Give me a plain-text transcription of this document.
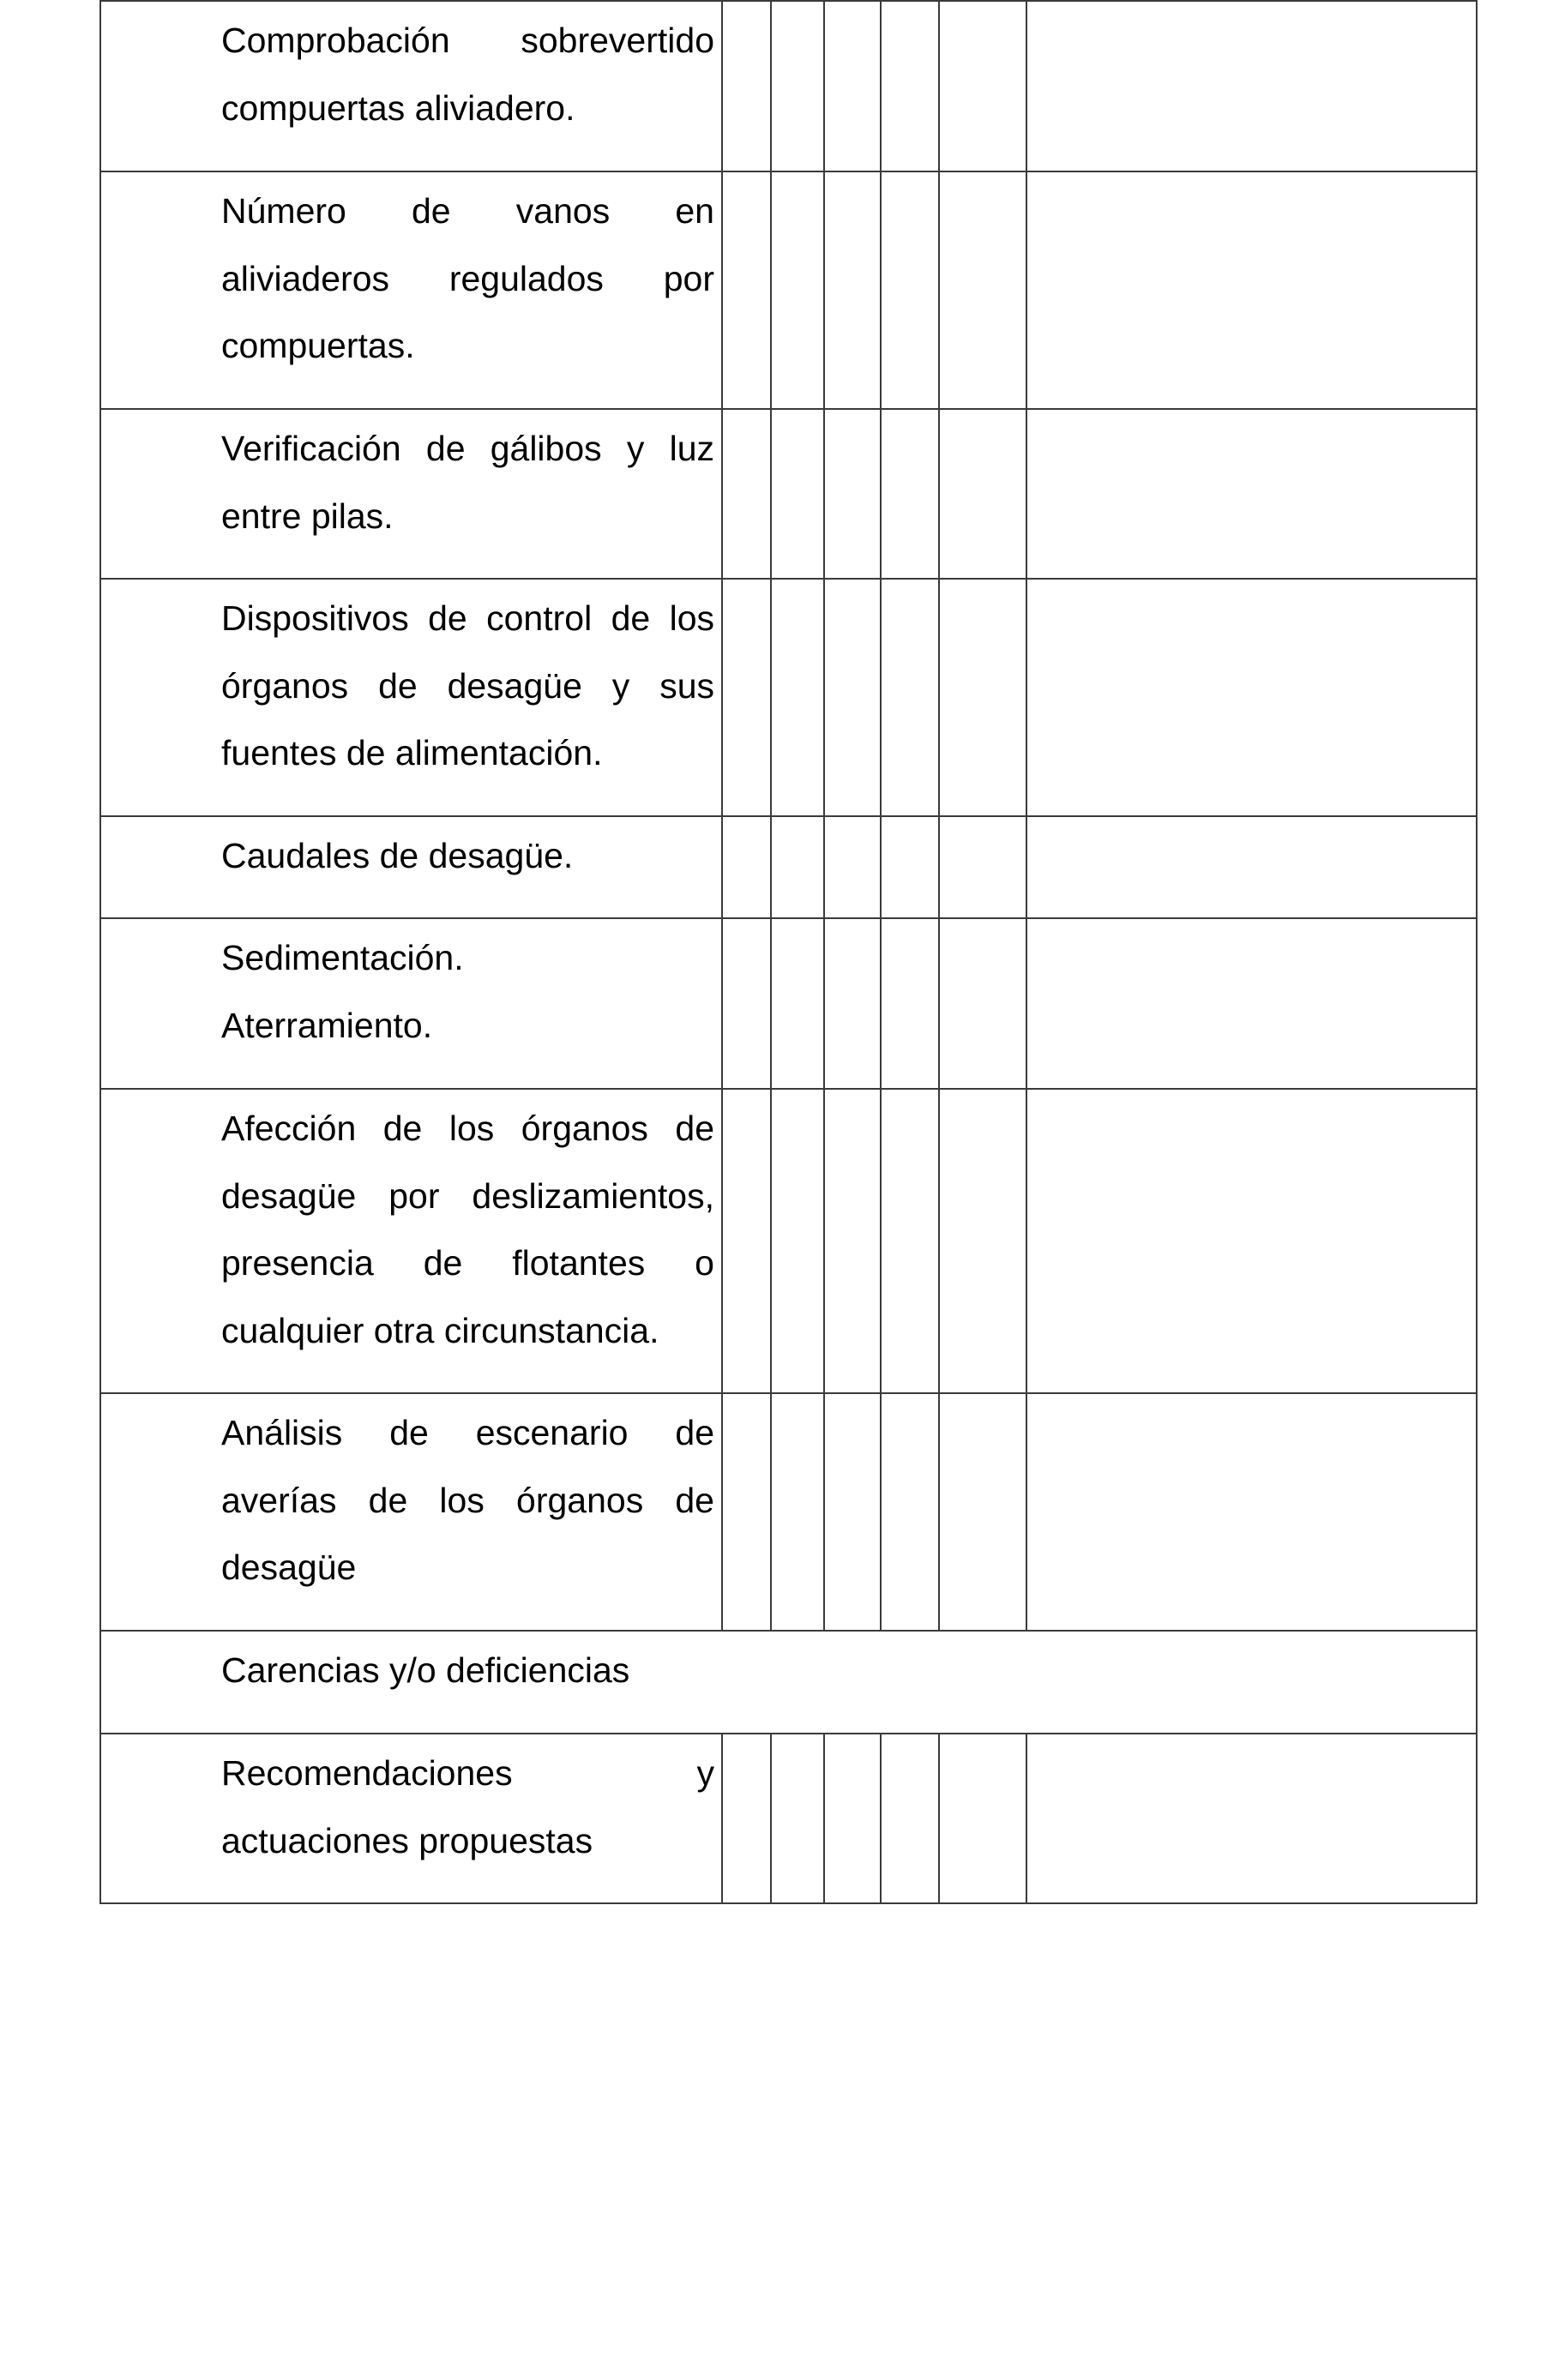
Comprobación sobrevertido compuertas aliviadero.						
Número de vanos en aliviaderos regulados por compuertas.						
Verificación de gálibos y luz entre pilas.						
Dispositivos de control de los órganos de desagüe y sus fuentes de alimentación.						
Caudales de desagüe.						

Sedimentación.
Aterramiento.						

Afección de los órganos de desagüe por deslizamientos, presencia de flotantes o cualquier otra circunstancia.						
Análisis de escenario de averías de los órganos de desagüe						
Carencias y/o deficiencias						
Recomendaciones y actuaciones propuestas						
